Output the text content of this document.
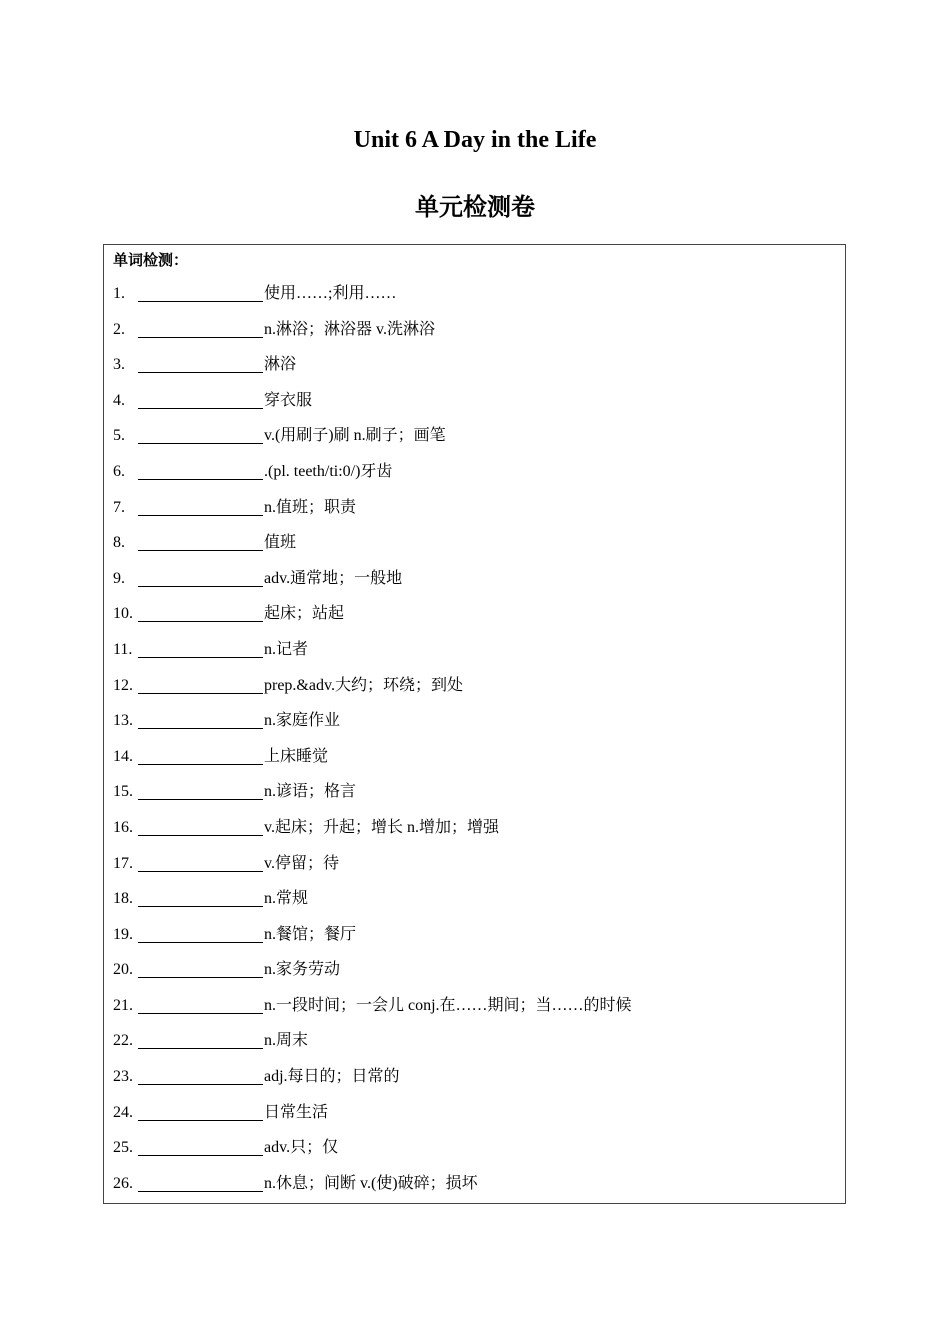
Unit 6 A Day in the Life
单元检测卷
单词检测：
1.	使用……;利用……
2.	n.淋浴；淋浴器 v.洗淋浴
3.	淋浴
4.	穿衣服
5.	v.(用刷子)刷 n.刷子；画笔
6.	.(pl. teeth/ti:0/)牙齿
7.	n.值班；职责
8.	值班
9.	adv.通常地；一般地
10.	起床；站起
11.	n.记者
12.	prep.&adv.大约；环绕；到处
13.	n.家庭作业
14.	上床睡觉
15.	n.谚语；格言
16.	v.起床；升起；增长 n.增加；增强
17.	v.停留；待
18.	n.常规
19.	n.餐馆；餐厅
20.	n.家务劳动
21.	n.一段时间；一会儿 conj.在……期间；当……的时候
22.	n.周末
23.	adj.每日的；日常的
24.	日常生活
25.	adv.只；仅
26.	n.休息；间断 v.(使)破碎；损坏
